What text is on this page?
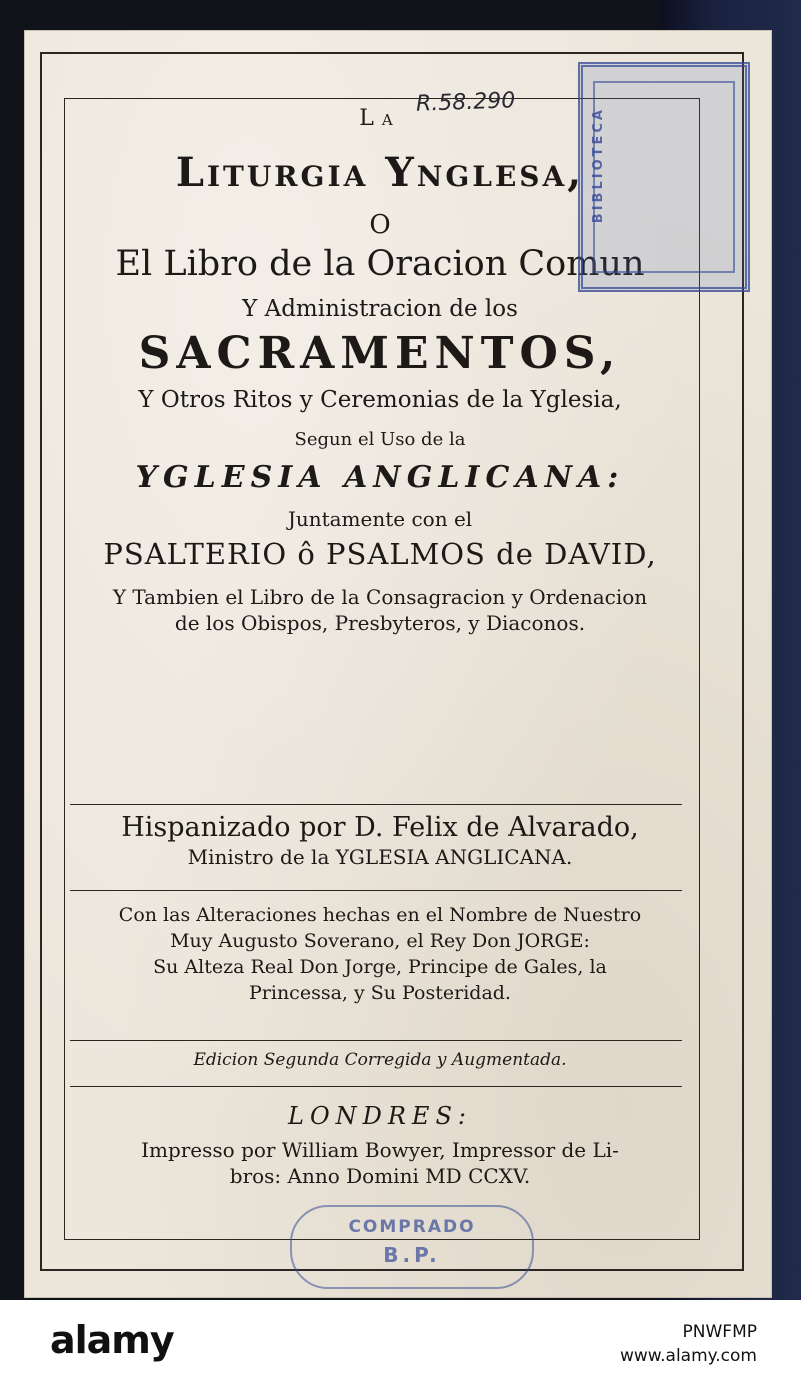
La
Liturgia Ynglesa,
O
El Libro de la Oracion Comun
Y Administracion de los
SACRAMENTOS,
Y Otros Ritos y Ceremonias de la Yglesia,
Segun el Uso de la
YGLESIA ANGLICANA:
Juntamente con el
PSALTERIO ô PSALMOS de DAVID,
Y Tambien el Libro de la Consagracion y Ordenacion
de los Obispos, Presbyteros, y Diaconos.
Hispanizado por D. Felix de Alvarado,
Ministro de la YGLESIA ANGLICANA.
Con las Alteraciones hechas en el Nombre de Nuestro
Muy Augusto Soverano, el Rey Don JORGE:
Su Alteza Real Don Jorge, Principe de Gales, la
Princessa, y Su Posteridad.
Edicion Segunda Corregida y Augmentada.
LONDRES:
Impresso por William Bowyer, Impressor de Li-
bros: Anno Domini MD CCXV.
R.58.290
BIBLIOTECA
COMPRADO
B.P.
alamy	PNWFMP
www.alamy.com
